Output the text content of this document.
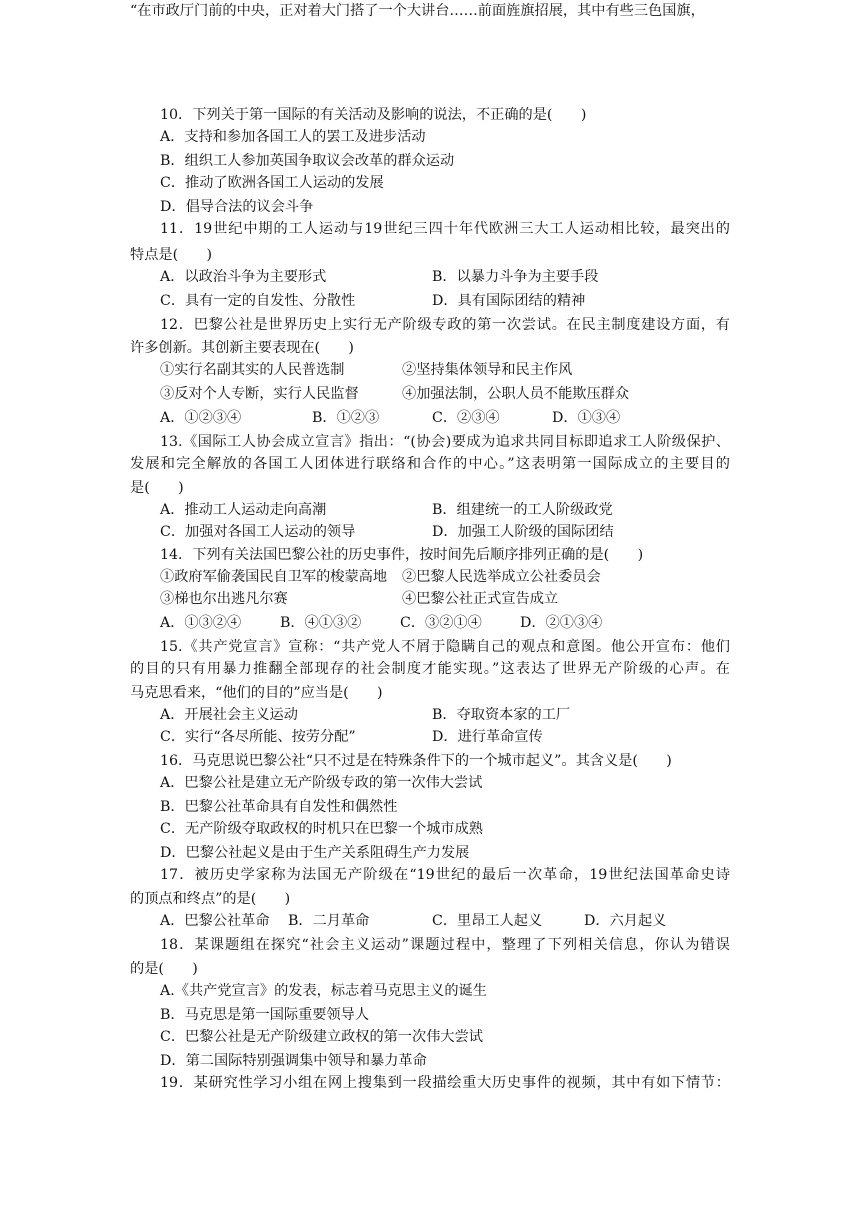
10．下列关于第一国际的有关活动及影响的说法，不正确的是(　　)
A．支持和参加各国工人的罢工及进步活动
B．组织工人参加英国争取议会改革的群众运动
C．推动了欧洲各国工人运动的发展
D．倡导合法的议会斗争
11．19世纪中期的工人运动与19世纪三四十年代欧洲三大工人运动相比较，最突出的
特点是(　　)
A．以政治斗争为主要形式	B．以暴力斗争为主要手段
C．具有一定的自发性、分散性	D．具有国际团结的精神
12．巴黎公社是世界历史上实行无产阶级专政的第一次尝试。在民主制度建设方面，有
许多创新。其创新主要表现在(　　)
①实行名副其实的人民普选制	②坚持集体领导和民主作风
③反对个人专断，实行人民监督	④加强法制，公职人员不能欺压群众
A．①②③④	B．①②③	C．②③④	D．①③④
13.《国际工人协会成立宣言》指出：“(协会)要成为追求共同目标即追求工人阶级保护、
发展和完全解放的各国工人团体进行联络和合作的中心。”这表明第一国际成立的主要目的
是(　　)
A．推动工人运动走向高潮	B．组建统一的工人阶级政党
C．加强对各国工人运动的领导	D．加强工人阶级的国际团结
14．下列有关法国巴黎公社的历史事件，按时间先后顺序排列正确的是(　　)
①政府军偷袭国民自卫军的梭蒙高地 ②巴黎人民选举成立公社委员会
③梯也尔出逃凡尔赛	④巴黎公社正式宣告成立
A．①③②④	B．④①③②	C．③②①④	D．②①③④
15.《共产党宣言》宣称：“共产党人不屑于隐瞒自己的观点和意图。他公开宣布：他们
的目的只有用暴力推翻全部现存的社会制度才能实现。”这表达了世界无产阶级的心声。在
马克思看来，“他们的目的”应当是(　　)
A．开展社会主义运动	B．夺取资本家的工厂
C．实行“各尽所能、按劳分配”	D．进行革命宣传
16．马克思说巴黎公社“只不过是在特殊条件下的一个城市起义”。其含义是(　　)
A．巴黎公社是建立无产阶级专政的第一次伟大尝试
B．巴黎公社革命具有自发性和偶然性
C．无产阶级夺取政权的时机只在巴黎一个城市成熟
D．巴黎公社起义是由于生产关系阻碍生产力发展
17．被历史学家称为法国无产阶级在“19世纪的最后一次革命，19世纪法国革命史诗
的顶点和终点”的是(　　)
A．巴黎公社革命 B．二月革命	C．里昂工人起义	D．六月起义
18．某课题组在探究“社会主义运动”课题过程中，整理了下列相关信息，你认为错误
的是(　　)
A.《共产党宣言》的发表，标志着马克思主义的诞生
B．马克思是第一国际重要领导人
C．巴黎公社是无产阶级建立政权的第一次伟大尝试
D．第二国际特别强调集中领导和暴力革命
19．某研究性学习小组在网上搜集到一段描绘重大历史事件的视频，其中有如下情节：
“在市政厅门前的中央，正对着大门搭了一个大讲台……前面旌旗招展，其中有些三色国旗，
